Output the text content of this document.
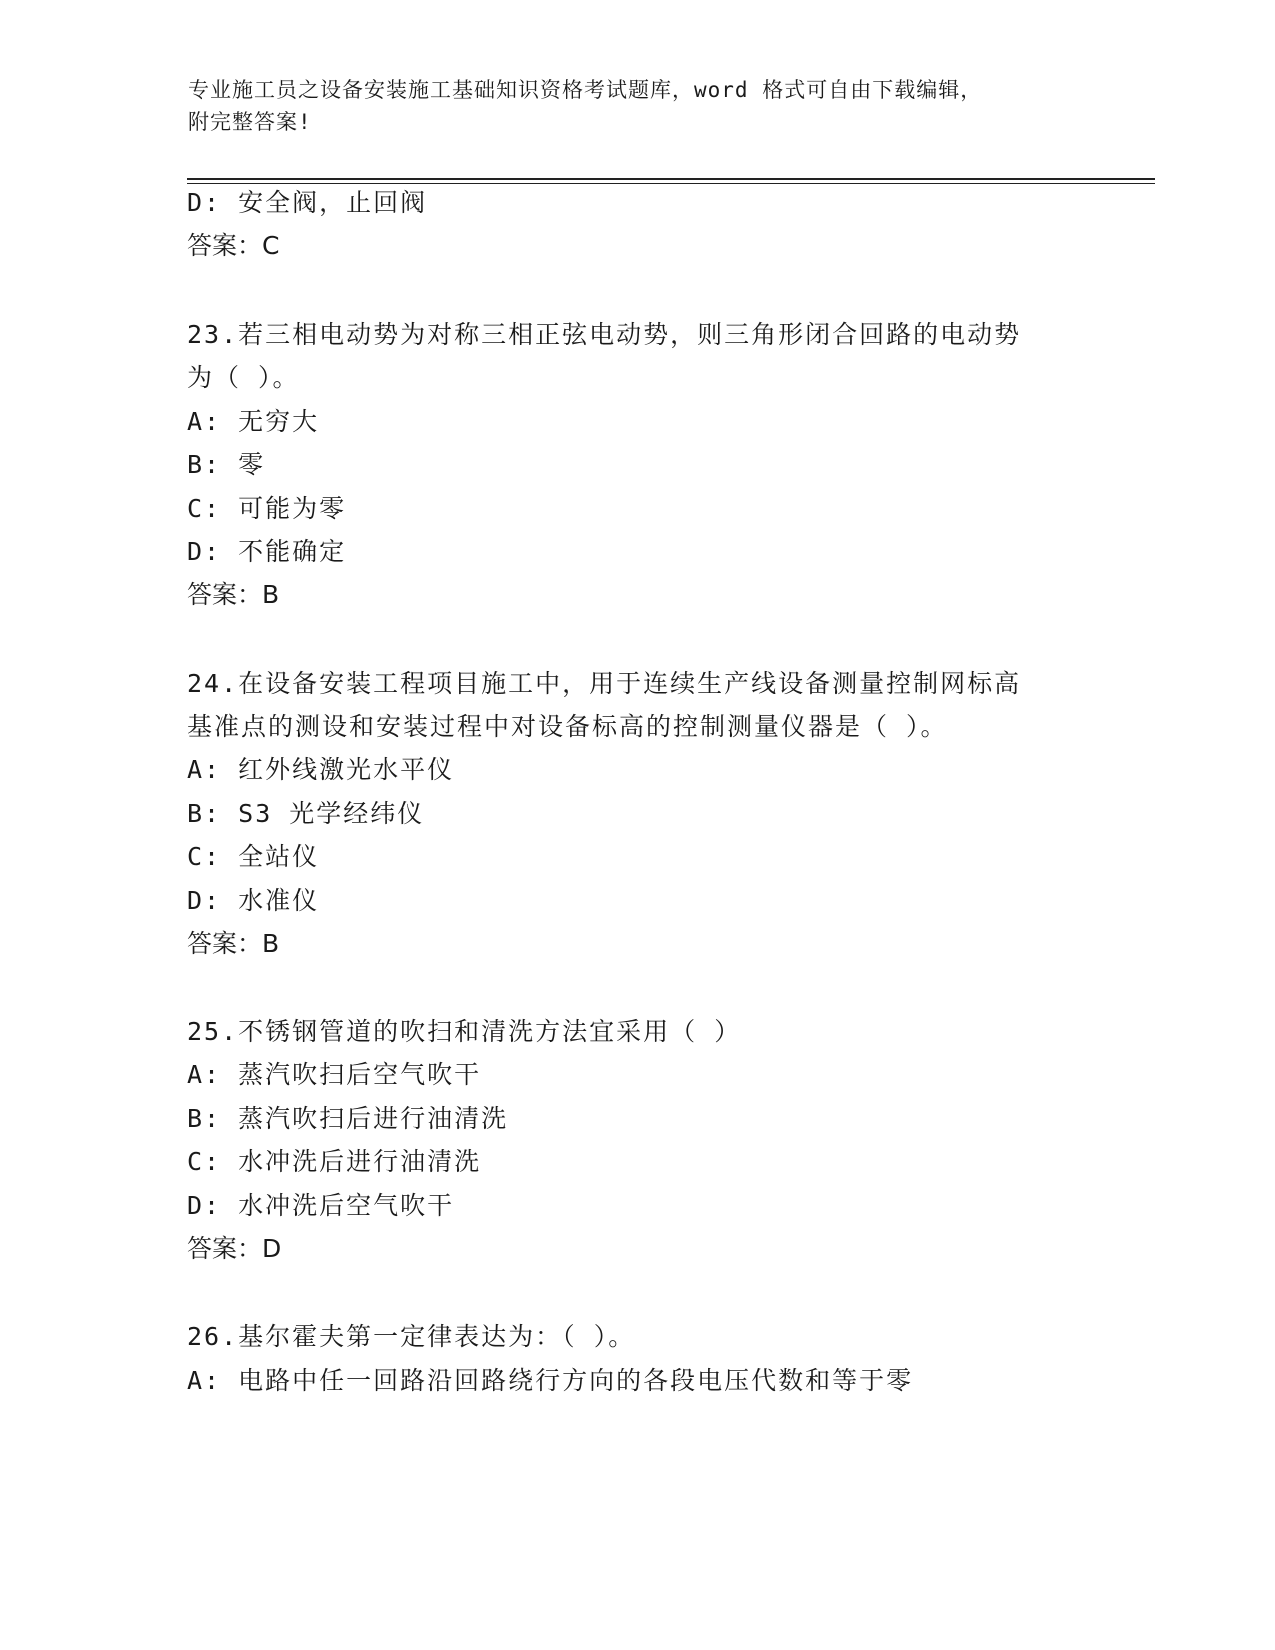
专业施工员之设备安装施工基础知识资格考试题库，word 格式可自由下载编辑，
附完整答案!
D: 安全阀，止回阀
答案：C
23.若三相电动势为对称三相正弦电动势，则三角形闭合回路的电动势
为（ ）。
A: 无穷大
B: 零
C: 可能为零
D: 不能确定
答案：B
24.在设备安装工程项目施工中，用于连续生产线设备测量控制网标高
基准点的测设和安装过程中对设备标高的控制测量仪器是（ ）。
A: 红外线激光水平仪
B: S3 光学经纬仪
C: 全站仪
D: 水准仪
答案：B
25.不锈钢管道的吹扫和清洗方法宜采用（ ）
A: 蒸汽吹扫后空气吹干
B: 蒸汽吹扫后进行油清洗
C: 水冲洗后进行油清洗
D: 水冲洗后空气吹干
答案：D
26.基尔霍夫第一定律表达为：（ ）。
A: 电路中任一回路沿回路绕行方向的各段电压代数和等于零
